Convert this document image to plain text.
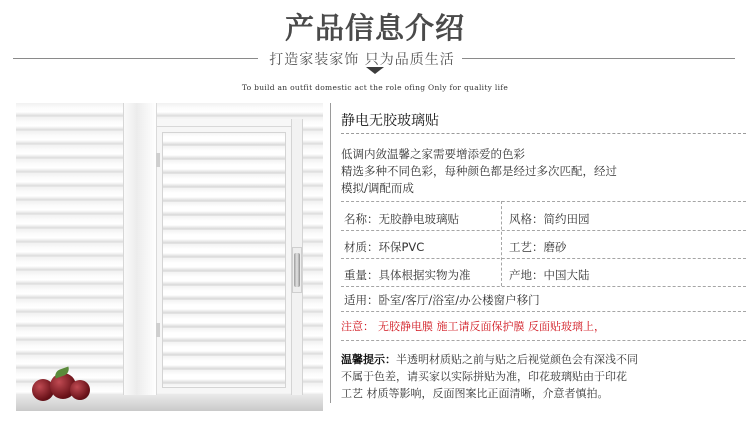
产品信息介绍
打造家装家饰 只为品质生活
To build an outfit domestic act the role ofing Only for quality life
静电无胶玻璃贴
低调内敛温馨之家需要增添爱的色彩
精选多种不同色彩，每种颜色都是经过多次匹配，经过
模拟/调配而成
名称：无胶静电玻璃贴	风格：简约田园
材质：环保PVC	工艺：磨砂
重量：具体根据实物为准	产地：中国大陆
适用：卧室/客厅/浴室/办公楼窗户移门
注意： 无胶静电膜 施工请反面保护膜 反面贴玻璃上，
温馨提示：半透明材质贴之前与贴之后视觉颜色会有深浅不同
不属于色差，请买家以实际拼贴为准，印花玻璃贴由于印花
工艺 材质等影响，反面图案比正面清晰，介意者慎拍。
